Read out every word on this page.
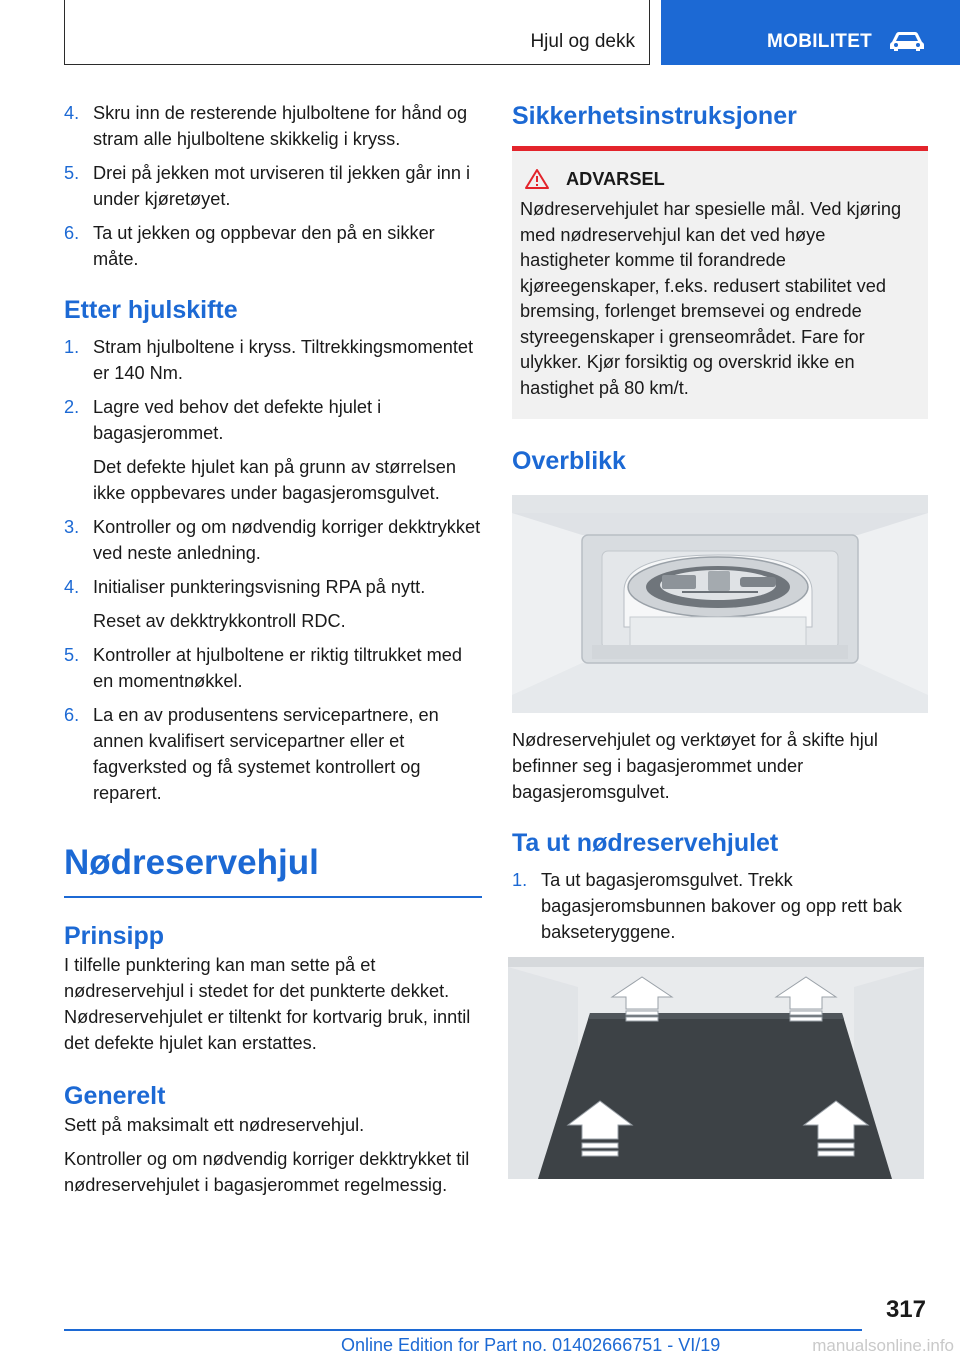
Hjul og dekk	MOBILITET
4. Skru inn de resterende hjulboltene for hånd og stram alle hjulboltene skikkelig i kryss.
5. Drei på jekken mot urviseren til jekken går inn i under kjøretøyet.
6. Ta ut jekken og oppbevar den på en sikker måte.
Etter hjulskifte
1. Stram hjulboltene i kryss. Tiltrekkingsmomentet er 140 Nm.
2. Lagre ved behov det defekte hjulet i bagasjerommet.
Det defekte hjulet kan på grunn av størrelsen ikke oppbevares under bagasjeromsgulvet.
3. Kontroller og om nødvendig korriger dekktrykket ved neste anledning.
4. Initialiser punkteringsvisning RPA på nytt.
Reset av dekktrykkontroll RDC.
5. Kontroller at hjulboltene er riktig tiltrukket med en momentnøkkel.
6. La en av produsentens servicepartnere, en annen kvalifisert servicepartner eller et fagverksted og få systemet kontrollert og reparert.
Nødreservehjul
Prinsipp

I tilfelle punktering kan man sette på et nødreservehjul i stedet for det punkterte dekket. Nødreservehjulet er tiltenkt for kortvarig bruk, inntil det defekte hjulet kan erstattes.

Generelt

Sett på maksimalt ett nødreservehjul.

Kontroller og om nødvendig korriger dekktrykket til nødreservehjulet i bagasjerommet regelmessig.

Sikkerhetsinstruksjoner
ADVARSEL

Nødreservehjulet har spesielle mål. Ved kjøring med nødreservehjul kan det ved høye hastigheter komme til forandrede kjøreegenskaper, f.eks. redusert stabilitet ved bremsing, forlenget bremsevei og endrede styreegenskaper i grenseområdet. Fare for ulykker. Kjør forsiktig og overskrid ikke en hastighet på 80 km/t.

Overblikk

Nødreservehjulet og verktøyet for å skifte hjul befinner seg i bagasjerommet under bagasjeromsgulvet.

Ta ut nødreservehjulet
1. Ta ut bagasjeromsgulvet. Trekk bagasjeromsbunnen bakover og opp rett bak bakseteryggene.
317
Online Edition for Part no. 01402666751 - VI/19	manualsonline.info
